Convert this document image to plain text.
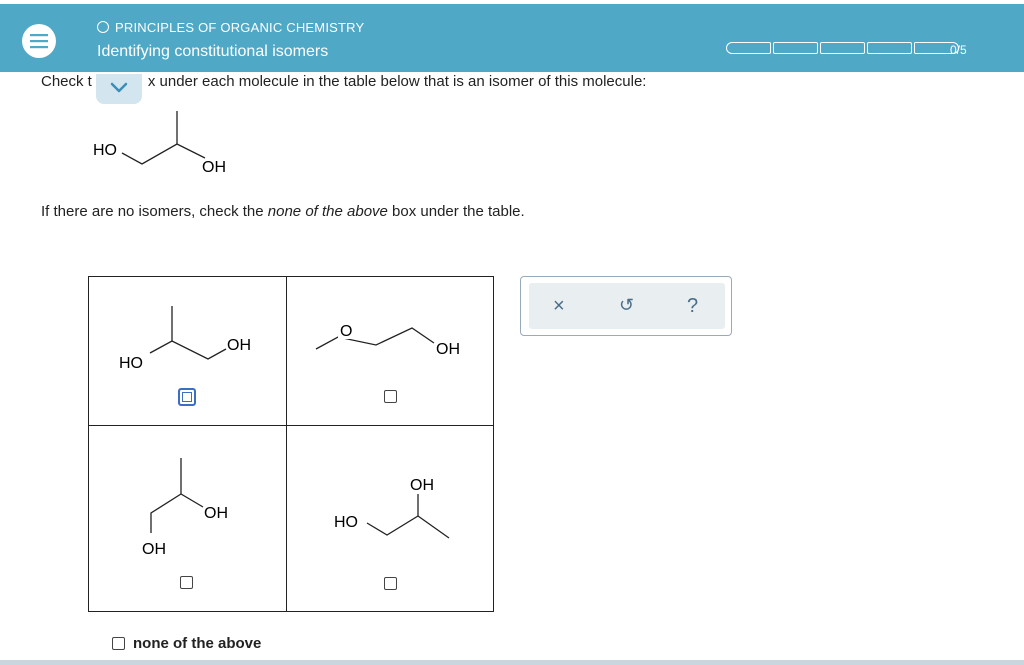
PRINCIPLES OF ORGANIC CHEMISTRY
Identifying constitutional isomers	0/5
Check t	x under each molecule in the table below that is an isomer of this molecule:
HO
OH
If there are no isomers, check the none of the above box under the table.
HO
OH
O
OH
OH
OH
HO
OH
none of the above
×	↺	?
